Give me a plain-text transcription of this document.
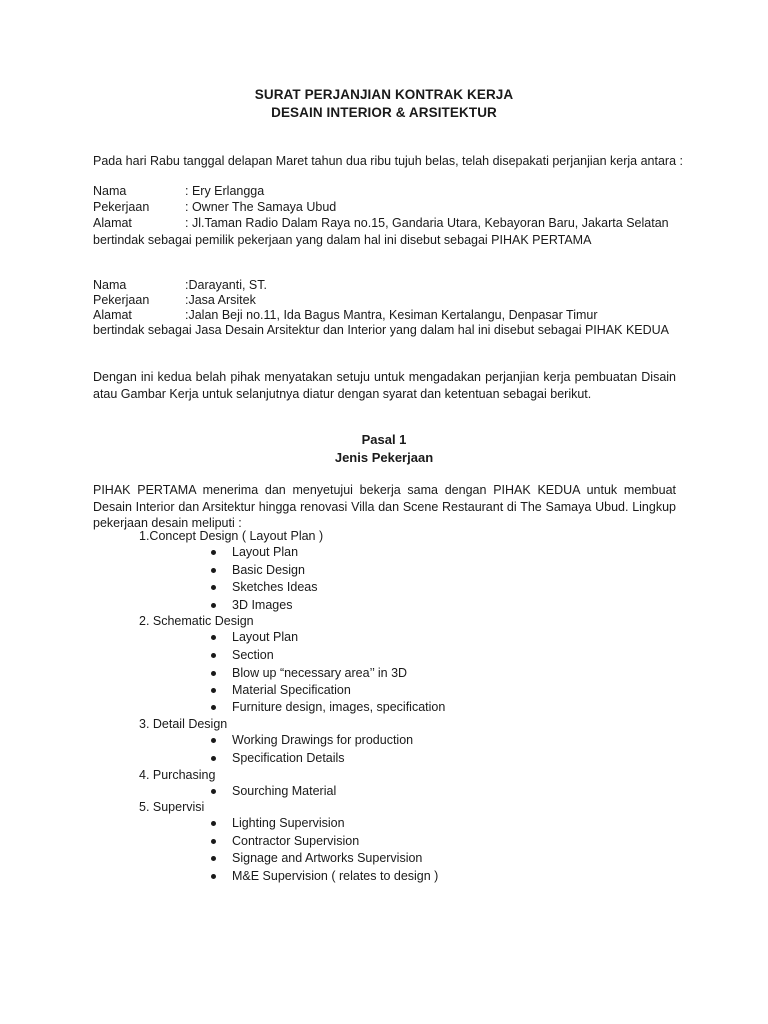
SURAT PERJANJIAN KONTRAK KERJA
DESAIN INTERIOR & ARSITEKTUR
Pada hari Rabu tanggal delapan Maret tahun dua ribu tujuh belas, telah disepakati perjanjian kerja antara :
Nama	: Ery Erlangga
Pekerjaan	: Owner The Samaya Ubud
Alamat	: Jl.Taman Radio Dalam Raya no.15, Gandaria Utara, Kebayoran Baru, Jakarta Selatan
bertindak sebagai pemilik pekerjaan yang dalam hal ini disebut sebagai PIHAK PERTAMA
Nama	:Darayanti, ST.
Pekerjaan	:Jasa Arsitek
Alamat	:Jalan Beji no.11, Ida Bagus Mantra, Kesiman Kertalangu, Denpasar Timur
bertindak sebagai Jasa Desain Arsitektur dan Interior yang dalam hal ini disebut sebagai PIHAK KEDUA
Dengan ini kedua belah pihak menyatakan setuju untuk mengadakan perjanjian kerja pembuatan Disain atau Gambar Kerja untuk selanjutnya diatur dengan syarat dan ketentuan sebagai berikut.
Pasal 1
Jenis Pekerjaan
PIHAK PERTAMA menerima dan menyetujui bekerja sama dengan PIHAK KEDUA untuk membuat Desain Interior dan Arsitektur hingga renovasi Villa dan Scene Restaurant di The Samaya Ubud. Lingkup pekerjaan desain meliputi :
1.Concept Design ( Layout Plan )
Layout Plan
Basic Design
Sketches Ideas
3D Images
2. Schematic Design
Layout Plan
Section
Blow up “necessary area’’ in 3D
Material Specification
Furniture design, images, specification
3. Detail Design
Working Drawings for production
Specification Details
4. Purchasing
Sourching Material
5. Supervisi
Lighting Supervision
Contractor Supervision
Signage and Artworks Supervision
M&E Supervision ( relates to design )
